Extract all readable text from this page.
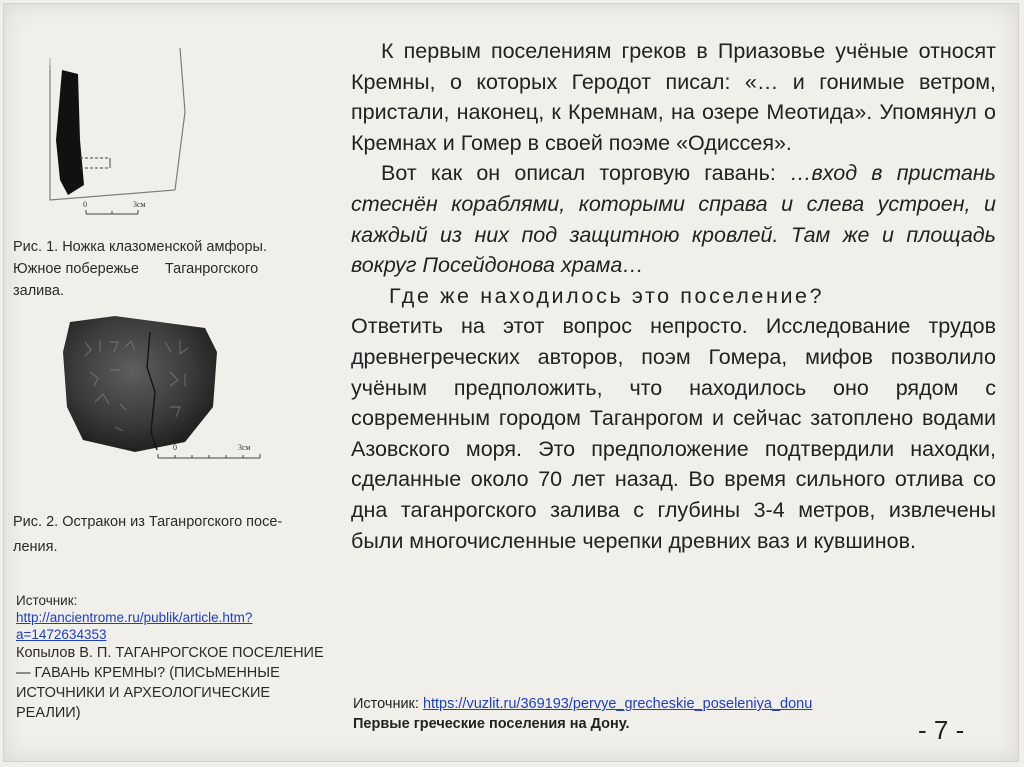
0	3см
Рис. 1. Ножка клазоменской амфоры.
Южное побережье Таганрогского
залива.
0	3см
Рис. 2. Остракон из Таганрогского посе-
ления.
Источник:
http://ancientrome.ru/publik/article.htm?a=1472634353
Копылов В. П. ТАГАНРОГСКОЕ ПОСЕЛЕНИЕ — ГАВАНЬ КРЕМНЫ? (ПИСЬМЕННЫЕ ИСТОЧНИКИ И АРХЕОЛОГИЧЕСКИЕ РЕАЛИИ)

К первым поселениям греков в Приазовье учёные относят Кремны, о которых Геродот писал: «… и гонимые ветром, пристали, наконец, к Кремнам, на озере Меотида». Упомянул о Кремнах и Гомер в своей поэме «Одиссея».

Вот как он описал торговую гавань: …вход в пристань стеснён кораблями, которыми справа и слева устроен, и каждый из них под защитною кровлей. Там же и площадь вокруг Посейдонова храма…

Где же находилось это поселение?

Ответить на этот вопрос непросто. Исследование трудов древнегреческих авторов, поэм Гомера, мифов позволило учёным предположить, что находилось оно рядом с современным городом Таганрогом и сейчас затоплено водами Азовского моря. Это предположение подтвердили находки, сделанные около 70 лет назад. Во время сильного отлива со дна таганрогского залива с глубины 3-4 метров, извлечены были многочисленные черепки древних ваз и кувшинов.

Источник: https://vuzlit.ru/369193/pervye_grecheskie_poseleniya_donu
Первые греческие поселения на Дону.	- 7 -
